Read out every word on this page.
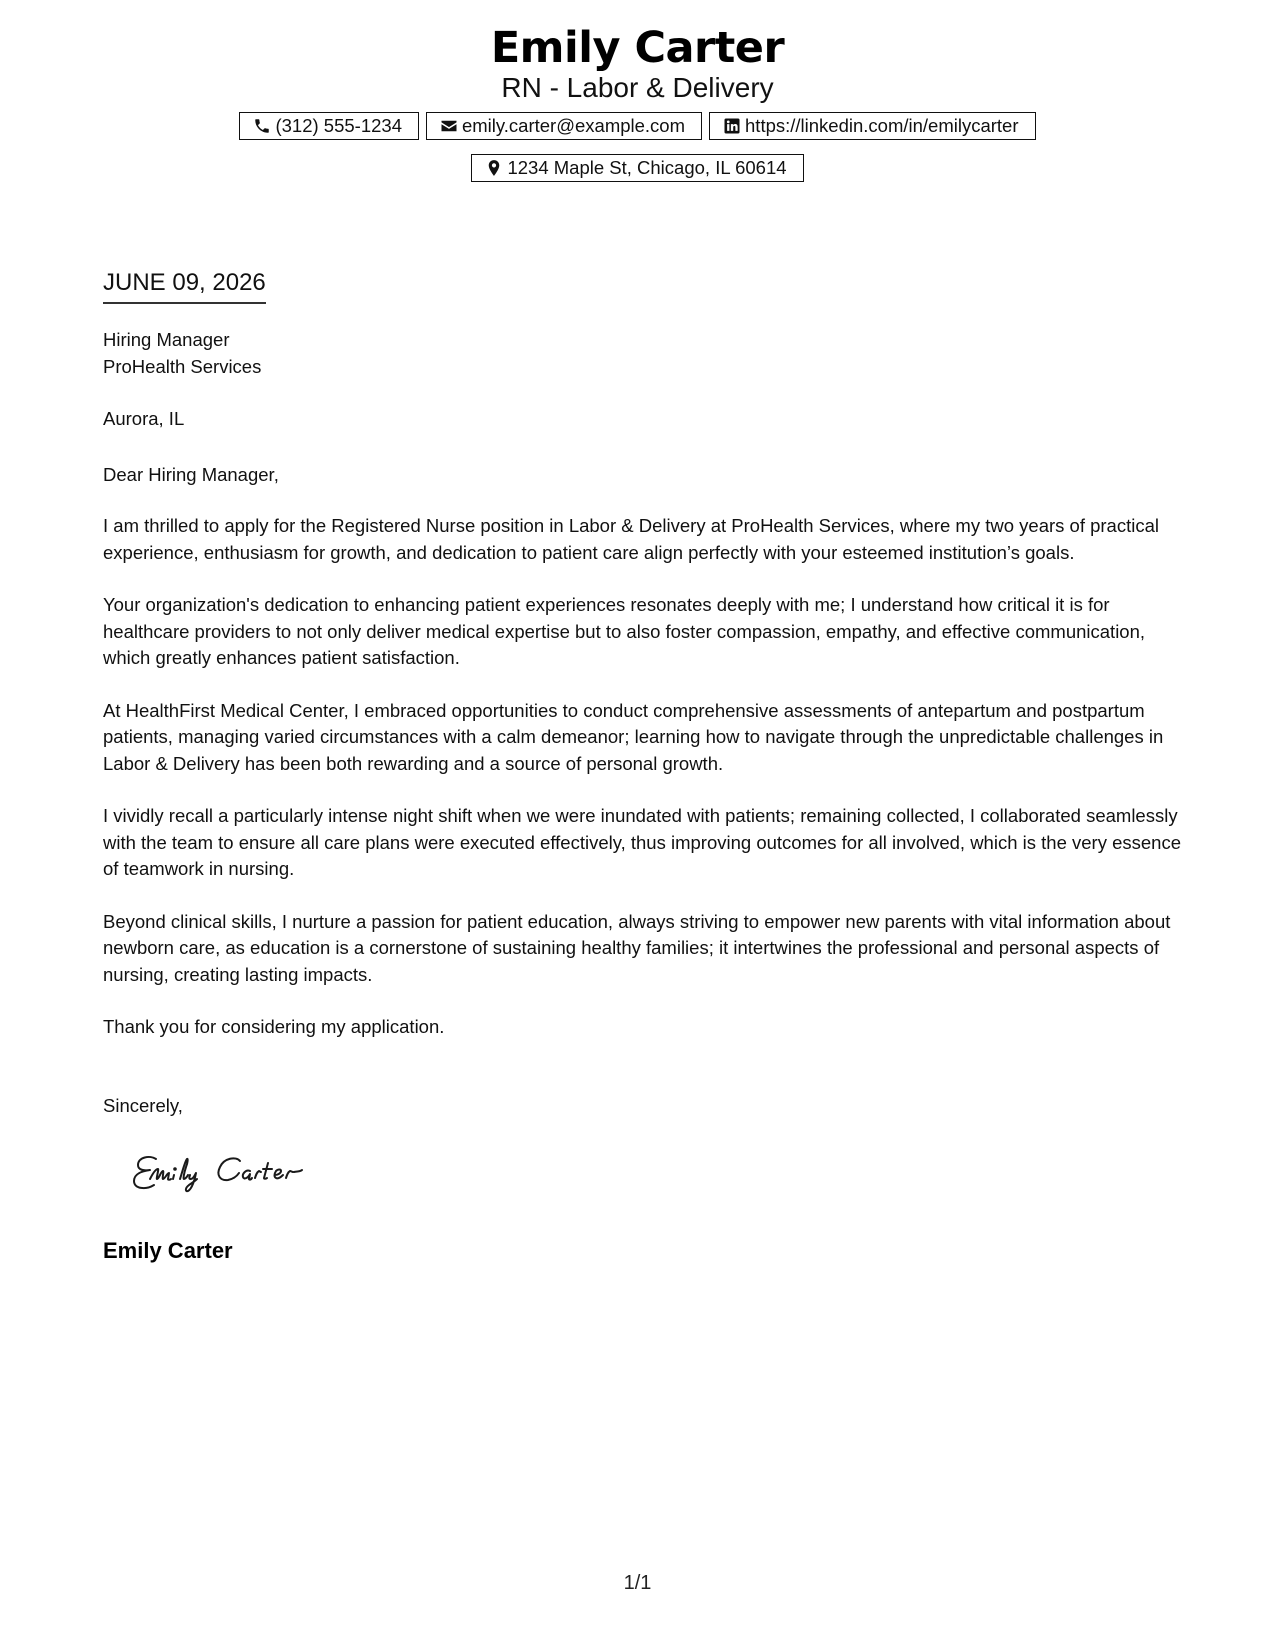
Emily Carter
RN - Labor & Delivery
(312) 555-1234	emily.carter@example.com	https://linkedin.com/in/emilycarter
1234 Maple St, Chicago, IL 60614
JUNE 09, 2026
Hiring Manager
ProHealth Services
Aurora, IL
Dear Hiring Manager,

I am thrilled to apply for the Registered Nurse position in Labor & Delivery at ProHealth Services, where my two years of practical experience, enthusiasm for growth, and dedication to patient care align perfectly with your esteemed institution’s goals.

Your organization's dedication to enhancing patient experiences resonates deeply with me; I understand how critical it is for healthcare providers to not only deliver medical expertise but to also foster compassion, empathy, and effective communication, which greatly enhances patient satisfaction.

At HealthFirst Medical Center, I embraced opportunities to conduct comprehensive assessments of antepartum and postpartum patients, managing varied circumstances with a calm demeanor; learning how to navigate through the unpredictable challenges in Labor & Delivery has been both rewarding and a source of personal growth.

I vividly recall a particularly intense night shift when we were inundated with patients; remaining collected, I collaborated seamlessly with the team to ensure all care plans were executed effectively, thus improving outcomes for all involved, which is the very essence of teamwork in nursing.

Beyond clinical skills, I nurture a passion for patient education, always striving to empower new parents with vital information about newborn care, as education is a cornerstone of sustaining healthy families; it intertwines the professional and personal aspects of nursing, creating lasting impacts.

Thank you for considering my application.

Sincerely,
Emily Carter
1/1
